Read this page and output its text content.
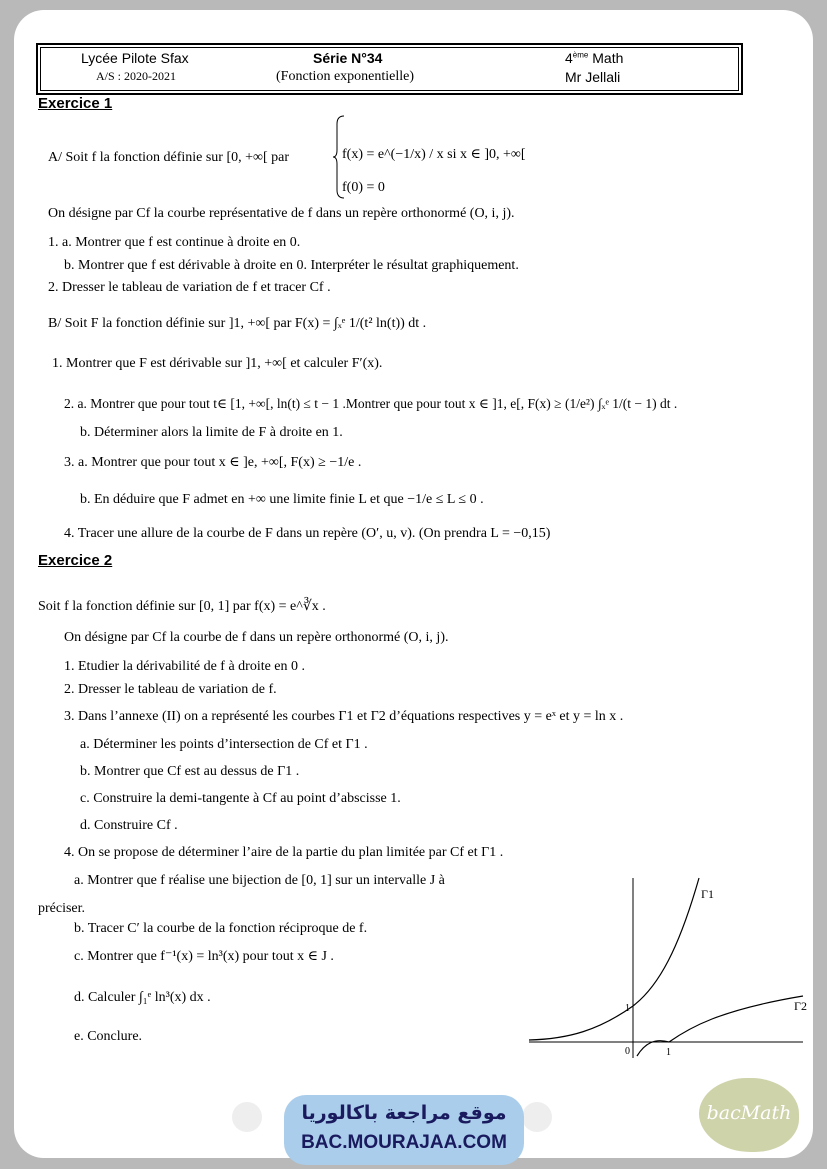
Lycée Pilote Sfax
A/S : 2020-2021
Série N°34
(Fonction exponentielle)
4ème Math
Mr Jellali
Exercice 1
A/ Soit f la fonction définie sur [0, +∞[ par	f(x) = e^(−1/x) / x si x ∈ ]0, +∞[
f(0) = 0
On désigne par Cf la courbe représentative de f dans un repère orthonormé (O, i, j).
1. a. Montrer que f est continue à droite en 0.
b. Montrer que f est dérivable à droite en 0. Interpréter le résultat graphiquement.
2. Dresser le tableau de variation de f et tracer Cf .
B/ Soit F la fonction définie sur ]1, +∞[ par F(x) = ∫ₓᵉ 1/(t² ln(t)) dt .
1. Montrer que F est dérivable sur ]1, +∞[ et calculer F′(x).
2. a. Montrer que pour tout t∈ [1, +∞[, ln(t) ≤ t − 1 .Montrer que pour tout x ∈ ]1, e[, F(x) ≥ (1/e²) ∫ₓᵉ 1/(t − 1) dt .
b. Déterminer alors la limite de F à droite en 1.
3. a. Montrer que pour tout x ∈ ]e, +∞[, F(x) ≥ −1/e .
b. En déduire que F admet en +∞ une limite finie L et que −1/e ≤ L ≤ 0 .
4. Tracer une allure de la courbe de F dans un repère (O′, u, v). (On prendra L = −0,15)
Exercice 2
Soit f la fonction définie sur [0, 1] par f(x) = e^∛x .
On désigne par Cf la courbe de f dans un repère orthonormé (O, i, j).
1. Etudier la dérivabilité de f à droite en 0 .
2. Dresser le tableau de variation de f.
3. Dans l’annexe (II) on a représenté les courbes Γ1 et Γ2 d’équations respectives y = eˣ et y = ln x .
a. Déterminer les points d’intersection de Cf et Γ1 .
b. Montrer que Cf est au dessus de Γ1 .
c. Construire la demi-tangente à Cf au point d’abscisse 1.
d. Construire Cf .
4. On se propose de déterminer l’aire de la partie du plan limitée par Cf et Γ1 .
a. Montrer que f réalise une bijection de [0, 1] sur un intervalle J à
préciser.
b. Tracer C′ la courbe de la fonction réciproque de f.
c. Montrer que f⁻¹(x) = ln³(x) pour tout x ∈ J .
d. Calculer ∫₁ᵉ ln³(x) dx .
e. Conclure.
Γ1
Γ2
1
0	1
موقع مراجعة باكالوريا
BAC.MOURAJAA.COM
bacMath
